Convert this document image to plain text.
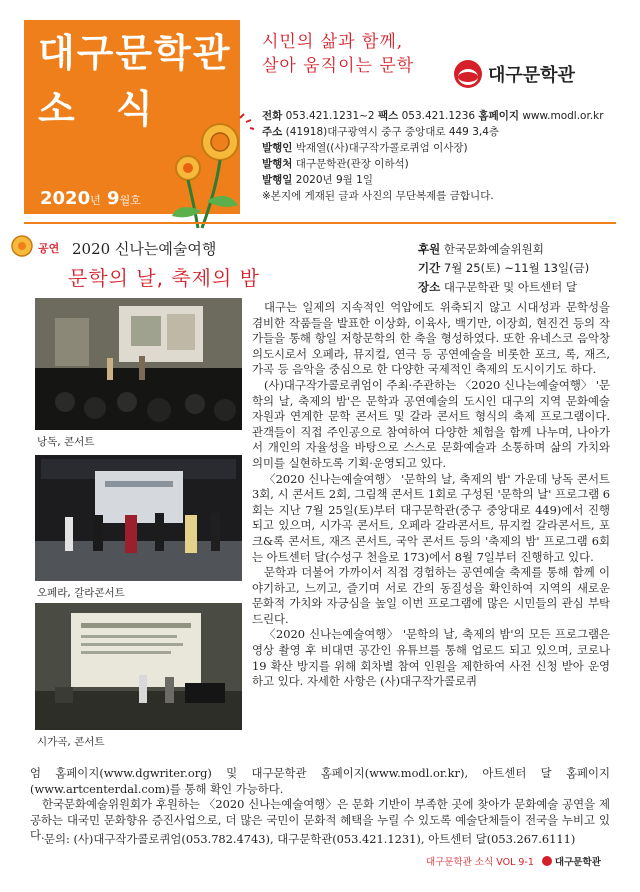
대구문학관
소 식
2020년 9월호
시민의 삶과 함께,
살아 움직이는 문학	대구문학관
전화 053.421.1231~2 팩스 053.421.1236 홈페이지 www.modl.or.kr
주소 (41918)대구광역시 중구 중앙대로 449 3,4층
발행인 박재열((사)대구작가콜로퀴엄 이사장)
발행처 대구문학관(관장 이하석)
발행일 2020년 9월 1일
※본지에 게재된 글과 사진의 무단복제를 금합니다.
공연 2020 신나는예술여행
문학의 날, 축제의 밤
후원 한국문화예술위원회
기간 7월 25(토) ~11월 13일(금)
장소 대구문학관 및 아트센터 달
낭독, 콘서트
오페라, 갈라콘서트
시가곡, 콘서트

대구는 일제의 지속적인 억압에도 위축되지 않고 시대성과 문학성을 겸비한 작품들을 발표한 이상화, 이육사, 백기만, 이장희, 현진건 등의 작가들을 통해 항일 저항문학의 한 축을 형성하였다. 또한 유네스코 음악창의도시로서 오페라, 뮤지컬, 연극 등 공연예술을 비롯한 포크, 록, 재즈, 가곡 등 음악을 중심으로 한 다양한 국제적인 축제의 도시이기도 하다.

(사)대구작가콜로퀴엄이 주최·주관하는 〈2020 신나는예술여행〉 '문학의 날, 축제의 밤'은 문학과 공연예술의 도시인 대구의 지역 문화예술자원과 연계한 문학 콘서트 및 갈라 콘서트 형식의 축제 프로그램이다. 관객들이 직접 주인공으로 참여하여 다양한 체험을 함께 나누며, 나아가서 개인의 자율성을 바탕으로 스스로 문화예술과 소통하며 삶의 가치와 의미를 실현하도록 기획·운영되고 있다.

〈2020 신나는예술여행〉 '문학의 날, 축제의 밤' 가운데 낭독 콘서트 3회, 시 콘서트 2회, 그림책 콘서트 1회로 구성된 '문학의 날' 프로그램 6회는 지난 7월 25일(토)부터 대구문학관(중구 중앙대로 449)에서 진행되고 있으며, 시가곡 콘서트, 오페라 갈라콘서트, 뮤지컬 갈라콘서트, 포크&록 콘서트, 재즈 콘서트, 국악 콘서트 등의 '축제의 밤' 프로그램 6회는 아트센터 달(수성구 천을로 173)에서 8월 7일부터 진행하고 있다.

문학과 더불어 가까이서 직접 경험하는 공연예술 축제를 통해 함께 이야기하고, 느끼고, 즐기며 서로 간의 동질성을 확인하여 지역의 새로운 문화적 가치와 자긍심을 높일 이번 프로그램에 많은 시민들의 관심 부탁드린다.

〈2020 신나는예술여행〉 '문학의 날, 축제의 밤'의 모든 프로그램은 영상 촬영 후 비대면 공간인 유튜브를 통해 업로드 되고 있으며, 코로나19 확산 방지를 위해 회차별 참여 인원을 제한하여 사전 신청 받아 운영하고 있다. 자세한 사항은 (사)대구작가콜로퀴

엄 홈페이지(www.dgwriter.org) 및 대구문학관 홈페이지(www.modl.or.kr), 아트센터 달 홈페이지(www.artcenterdal.com)를 통해 확인 가능하다.

한국문화예술위원회가 후원하는 〈2020 신나는예술여행〉은 문화 기반이 부족한 곳에 찾아가 문화예술 공연을 제공하는 대국민 문화향유 증진사업으로, 더 많은 국민이 문화적 혜택을 누릴 수 있도록 예술단체들이 전국을 누비고 있다. 문의: (사)대구작가콜로퀴엄(053.782.4743), 대구문학관(053.421.1231), 아트센터 달(053.267.6111)
대구문학관 소식 VOL 9-1 대구문학관
